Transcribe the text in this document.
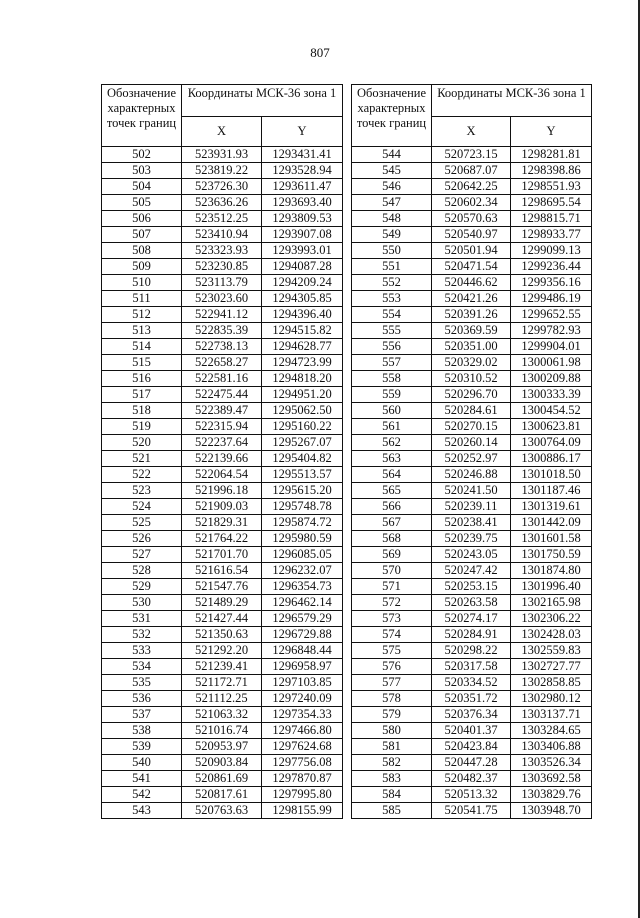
807
Обозначение характерных точек границ	Координаты МСК-36 зона 1	
	X	Y
502	523931.93	1293431.41
503	523819.22	1293528.94
504	523726.30	1293611.47
505	523636.26	1293693.40
506	523512.25	1293809.53
507	523410.94	1293907.08
508	523323.93	1293993.01
509	523230.85	1294087.28
510	523113.79	1294209.24
511	523023.60	1294305.85
512	522941.12	1294396.40
513	522835.39	1294515.82
514	522738.13	1294628.77
515	522658.27	1294723.99
516	522581.16	1294818.20
517	522475.44	1294951.20
518	522389.47	1295062.50
519	522315.94	1295160.22
520	522237.64	1295267.07
521	522139.66	1295404.82
522	522064.54	1295513.57
523	521996.18	1295615.20
524	521909.03	1295748.78
525	521829.31	1295874.72
526	521764.22	1295980.59
527	521701.70	1296085.05
528	521616.54	1296232.07
529	521547.76	1296354.73
530	521489.29	1296462.14
531	521427.44	1296579.29
532	521350.63	1296729.88
533	521292.20	1296848.44
534	521239.41	1296958.97
535	521172.71	1297103.85
536	521112.25	1297240.09
537	521063.32	1297354.33
538	521016.74	1297466.80
539	520953.97	1297624.68
540	520903.84	1297756.08
541	520861.69	1297870.87
542	520817.61	1297995.80
543	520763.63	1298155.99
Обозначение характерных точек границ	Координаты МСК-36 зона 1	
	X	Y
544	520723.15	1298281.81
545	520687.07	1298398.86
546	520642.25	1298551.93
547	520602.34	1298695.54
548	520570.63	1298815.71
549	520540.97	1298933.77
550	520501.94	1299099.13
551	520471.54	1299236.44
552	520446.62	1299356.16
553	520421.26	1299486.19
554	520391.26	1299652.55
555	520369.59	1299782.93
556	520351.00	1299904.01
557	520329.02	1300061.98
558	520310.52	1300209.88
559	520296.70	1300333.39
560	520284.61	1300454.52
561	520270.15	1300623.81
562	520260.14	1300764.09
563	520252.97	1300886.17
564	520246.88	1301018.50
565	520241.50	1301187.46
566	520239.11	1301319.61
567	520238.41	1301442.09
568	520239.75	1301601.58
569	520243.05	1301750.59
570	520247.42	1301874.80
571	520253.15	1301996.40
572	520263.58	1302165.98
573	520274.17	1302306.22
574	520284.91	1302428.03
575	520298.22	1302559.83
576	520317.58	1302727.77
577	520334.52	1302858.85
578	520351.72	1302980.12
579	520376.34	1303137.71
580	520401.37	1303284.65
581	520423.84	1303406.88
582	520447.28	1303526.34
583	520482.37	1303692.58
584	520513.32	1303829.76
585	520541.75	1303948.70
